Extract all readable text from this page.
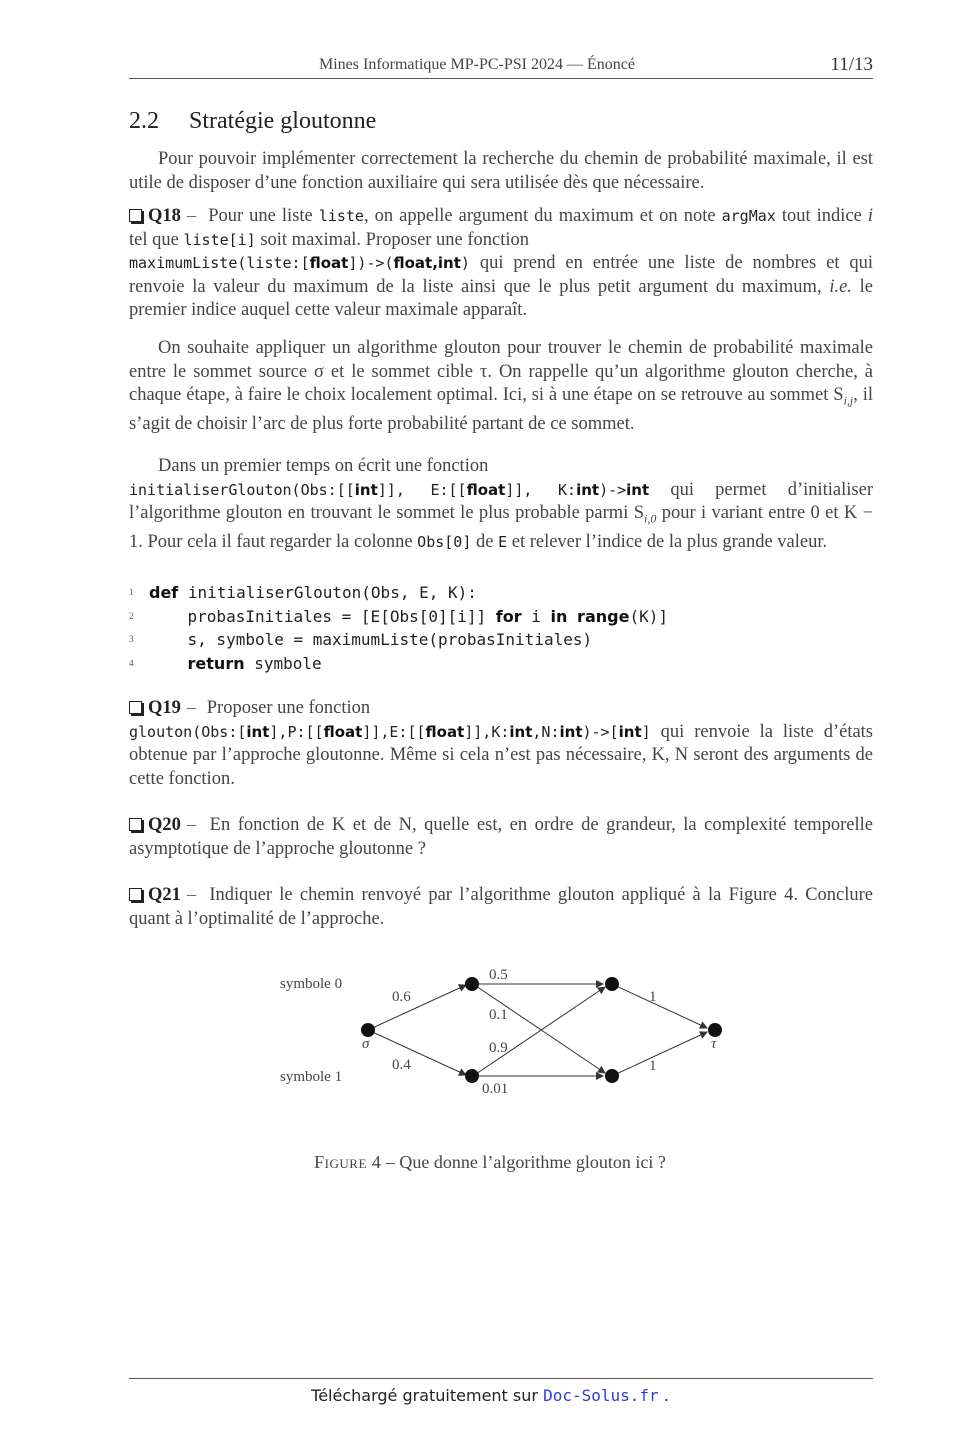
Mines Informatique MP-PC-PSI 2024 — Énoncé	11/13
2.2 Stratégie gloutonne
Pour pouvoir implémenter correctement la recherche du chemin de probabilité maximale, il est utile de disposer d’une fonction auxiliaire qui sera utilisée dès que nécessaire.
Q18 – Pour une liste liste, on appelle argument du maximum et on note argMax tout indice i tel que liste[i] soit maximal. Proposer une fonction
maximumListe(liste:[float])->(float,int) qui prend en entrée une liste de nombres et qui renvoie la valeur du maximum de la liste ainsi que le plus petit argument du maximum, i.e. le premier indice auquel cette valeur maximale apparaît.
On souhaite appliquer un algorithme glouton pour trouver le chemin de probabilité maximale entre le sommet source σ et le sommet cible τ. On rappelle qu’un algorithme glouton cherche, à chaque étape, à faire le choix localement optimal. Ici, si à une étape on se retrouve au sommet $S_{i,j}$, il s’agit de choisir l’arc de plus forte probabilité partant de ce sommet.
Dans un premier temps on écrit une fonction
initialiserGlouton(Obs:[[int]], E:[[float]], K:int)->int qui permet d’initialiser l’algorithme glouton en trouvant le sommet le plus probable parmi $S_{i,0}$ pour i variant entre 0 et K − 1. Pour cela il faut regarder la colonne Obs[0] de E et relever l’indice de la plus grande valeur.
1 def initialiserGlouton(Obs, E, K):
2 probasInitiales = [E[Obs[0][i]] for i in range(K)]
3 s, symbole = maximumListe(probasInitiales)
4	return symbole
Q19 – Proposer une fonction
glouton(Obs:[int],P:[[float]],E:[[float]],K:int,N:int)->[int] qui renvoie la liste d’états obtenue par l’approche gloutonne. Même si cela n’est pas nécessaire, K, N seront des arguments de cette fonction.
Q20 – En fonction de K et de N, quelle est, en ordre de grandeur, la complexité temporelle asymptotique de l’approche gloutonne ?
Q21 – Indiquer le chemin renvoyé par l’algorithme glouton appliqué à la Figure 4. Conclure quant à l’optimalité de l’approche.
symbole 0
symbole 1
σ	τ
0.6
0.4
0.5
0.1
0.9
0.01
1
1
Figure 4 – Que donne l’algorithme glouton ici ?
Téléchargé gratuitement sur Doc-Solus.fr .
